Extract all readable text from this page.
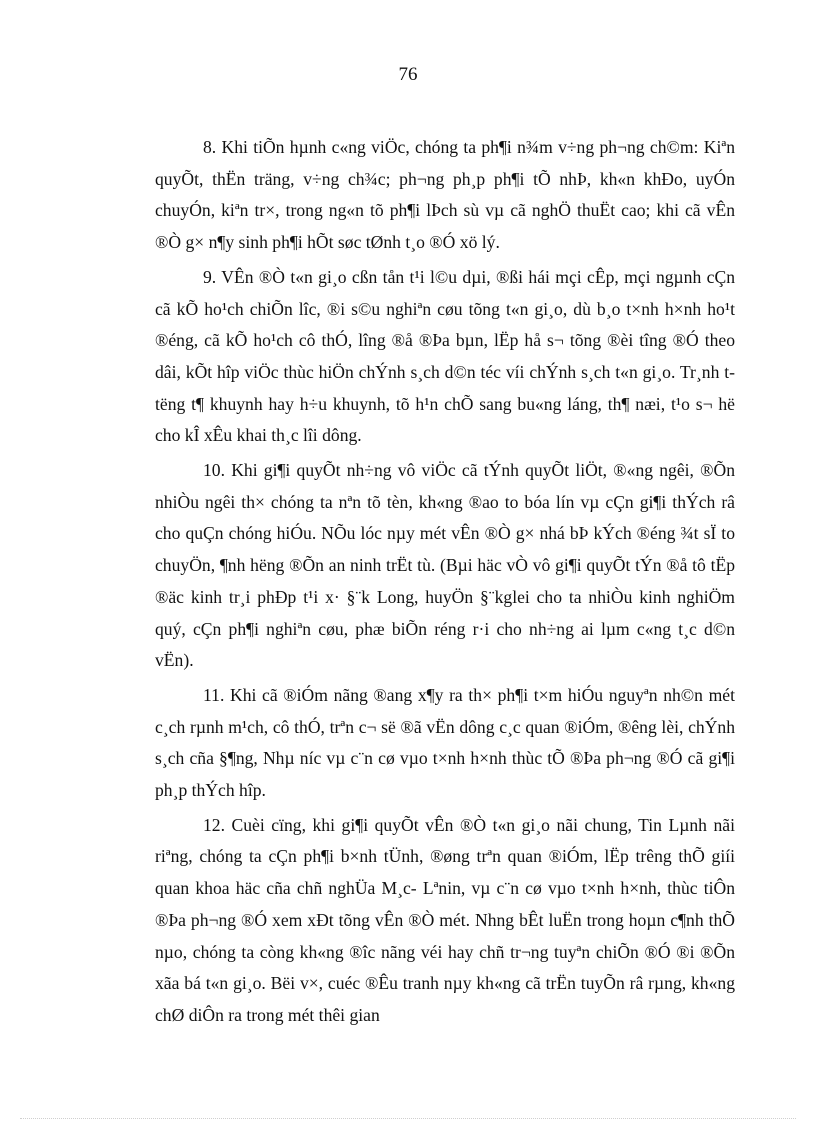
76

8. Khi tiÕn hµnh c«ng viÖc, chóng ta ph¶i n¾m v÷ng ph¬ng ch©m: Kiªn quyÕt, thËn träng, v÷ng ch¾c; ph¬ng ph¸p ph¶i tÕ nhÞ, kh«n khÐo, uyÓn chuyÓn, kiªn tr×, trong ng«n tõ ph¶i lÞch sù vµ cã nghÖ thuËt cao; khi cã vÊn ®Ò g× n¶y sinh ph¶i hÕt søc tØnh t¸o ®Ó xö lý.

9. VÊn ®Ò t«n gi¸o cßn tån t¹i l©u dµi, ®ßi hái mçi cÊp, mçi ngµnh cÇn cã kÕ ho¹ch chiÕn lîc, ®i s©u nghiªn cøu tõng t«n gi¸o, dù b¸o t×nh h×nh ho¹t ®éng, cã kÕ ho¹ch cô thÓ, lîng ®å ®Þa bµn, lËp hå s¬ tõng ®èi tîng ®Ó theo dâi, kÕt hîp viÖc thùc hiÖn chÝnh s¸ch d©n téc víi chÝnh s¸ch t«n gi¸o. Tr¸nh t tëng t¶ khuynh hay h÷u khuynh, tõ h¹n chÕ sang bu«ng láng, th¶ næi, t¹o s¬ hë cho kÎ xÊu khai th¸c lîi dông.

10. Khi gi¶i quyÕt nh÷ng vô viÖc cã tÝnh quyÕt liÖt, ®«ng ngêi, ®Õn nhiÒu ngêi th× chóng ta nªn tõ tèn, kh«ng ®ao to bóa lín vµ cÇn gi¶i thÝch râ cho quÇn chóng hiÓu. NÕu lóc nµy mét vÊn ®Ò g× nhá bÞ kÝch ®éng ¾t sÏ to chuyÖn, ¶nh hëng ®Õn an ninh trËt tù. (Bµi häc vÒ vô gi¶i quyÕt tÝn ®å tô tËp ®äc kinh tr¸i phÐp t¹i x· §¨k Long, huyÖn §¨kglei cho ta nhiÒu kinh nghiÖm quý, cÇn ph¶i nghiªn cøu, phæ biÕn réng r·i cho nh÷ng ai lµm c«ng t¸c d©n vËn).

11. Khi cã ®iÓm nãng ®ang x¶y ra th× ph¶i t×m hiÓu nguyªn nh©n mét c¸ch rµnh m¹ch, cô thÓ, trªn c¬ së ®ã vËn dông c¸c quan ®iÓm, ®êng lèi, chÝnh s¸ch cña §¶ng, Nhµ níc vµ c¨n cø vµo t×nh h×nh thùc tÕ ®Þa ph¬ng ®Ó cã gi¶i ph¸p thÝch hîp.

12. Cuèi cïng, khi gi¶i quyÕt vÊn ®Ò t«n gi¸o nãi chung, Tin Lµnh nãi riªng, chóng ta cÇn ph¶i b×nh tÜnh, ®øng trªn quan ®iÓm, lËp trêng thÕ giíi quan khoa häc cña chñ nghÜa M¸c- Lªnin, vµ c¨n cø vµo t×nh h×nh, thùc tiÔn ®Þa ph¬ng ®Ó xem xÐt tõng vÊn ®Ò mét. Nhng bÊt luËn trong hoµn c¶nh thÕ nµo, chóng ta còng kh«ng ®îc nãng véi hay chñ tr¬ng tuyªn chiÕn ®Ó ®i ®Õn xãa bá t«n gi¸o. Bëi v×, cuéc ®Êu tranh nµy kh«ng cã trËn tuyÕn râ rµng, kh«ng chØ diÔn ra trong mét thêi gian
